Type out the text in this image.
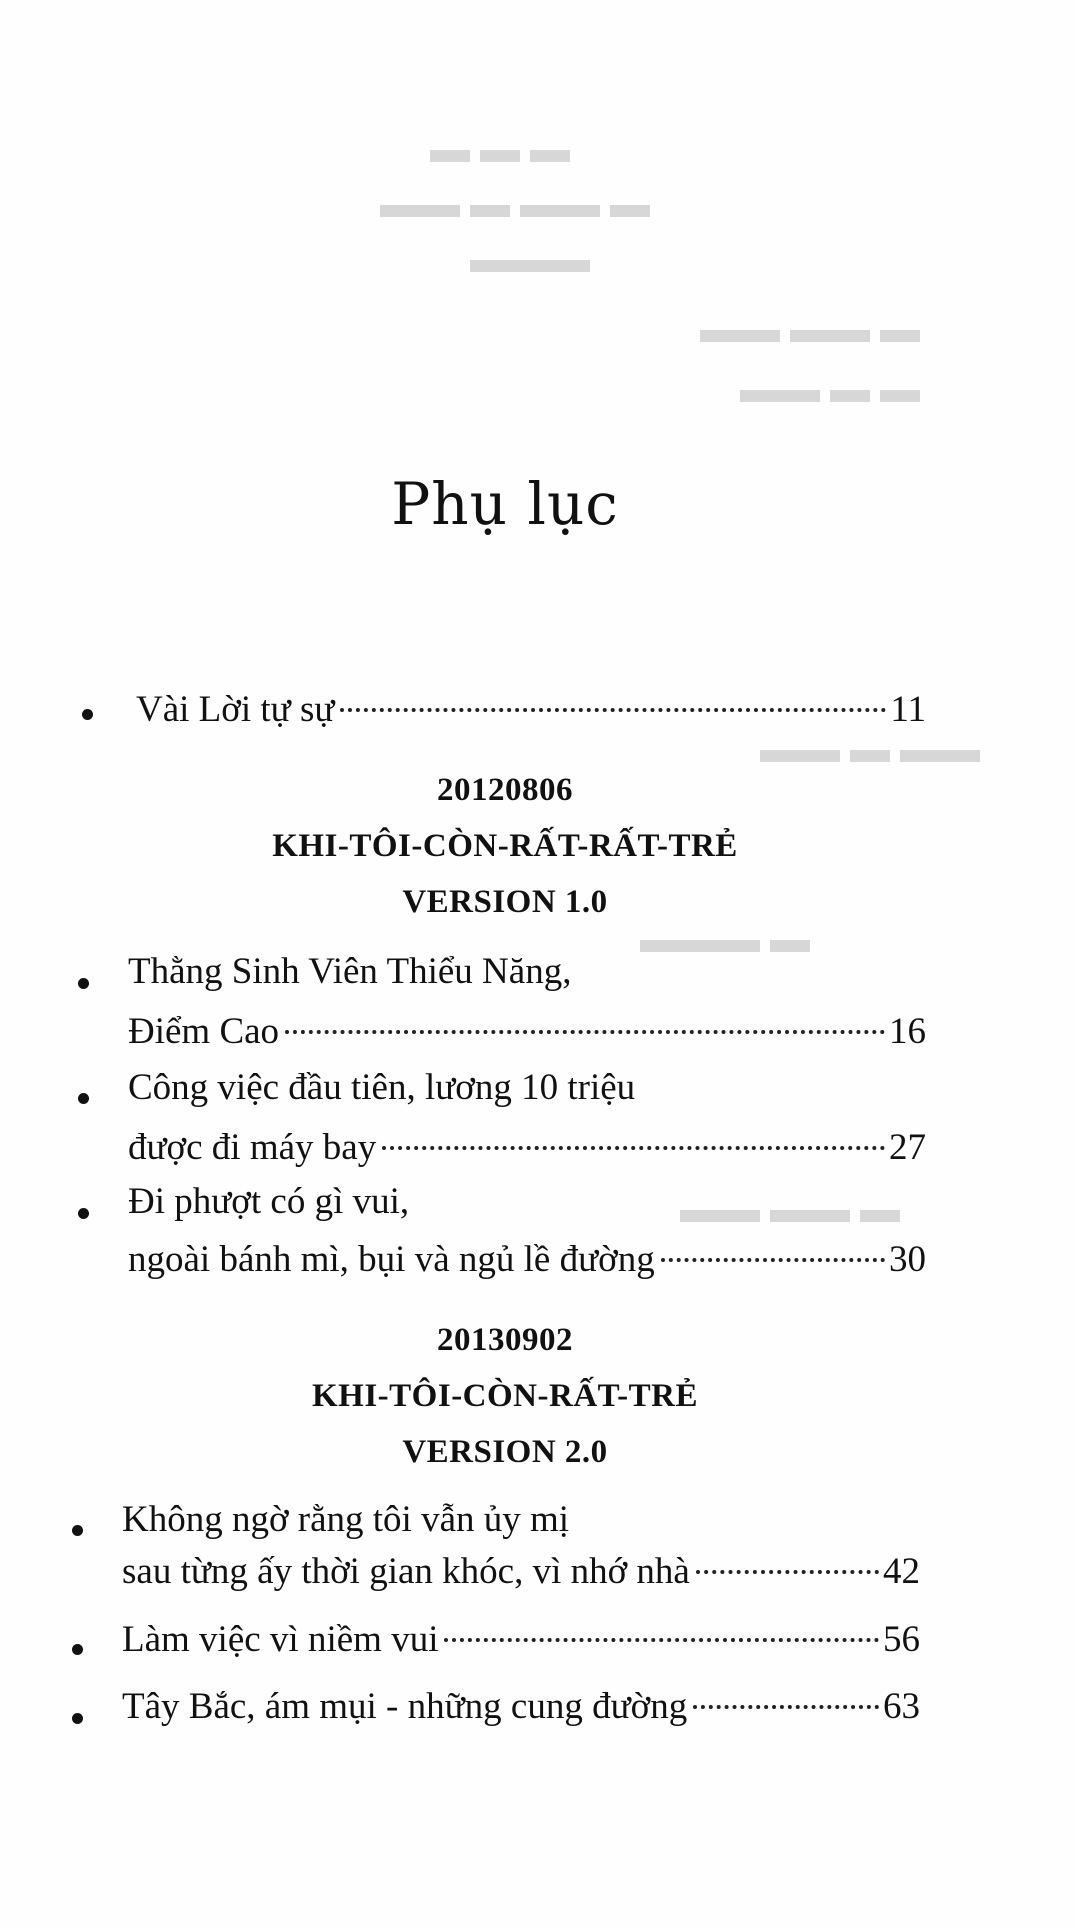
▬ ▬ ▬
▬▬ ▬ ▬▬ ▬
▬▬▬
▬▬ ▬▬ ▬
▬▬ ▬ ▬
▬▬ ▬ ▬▬
▬▬▬ ▬
▬▬ ▬▬ ▬
Phụ lục
Vài Lời tự sự	11
20120806
KHI-TÔI-CÒN-RẤT-RẤT-TRẺ
VERSION 1.0
Thằng Sinh Viên Thiểu Năng,
Điểm Cao	16
Công việc đầu tiên, lương 10 triệu
được đi máy bay	27
Đi phượt có gì vui,
ngoài bánh mì, bụi và ngủ lề đường	30
20130902
KHI-TÔI-CÒN-RẤT-TRẺ
VERSION 2.0
Không ngờ rằng tôi vẫn ủy mị
sau từng ấy thời gian khóc, vì nhớ nhà	42
Làm việc vì niềm vui	56
Tây Bắc, ám mụi - những cung đường	63
